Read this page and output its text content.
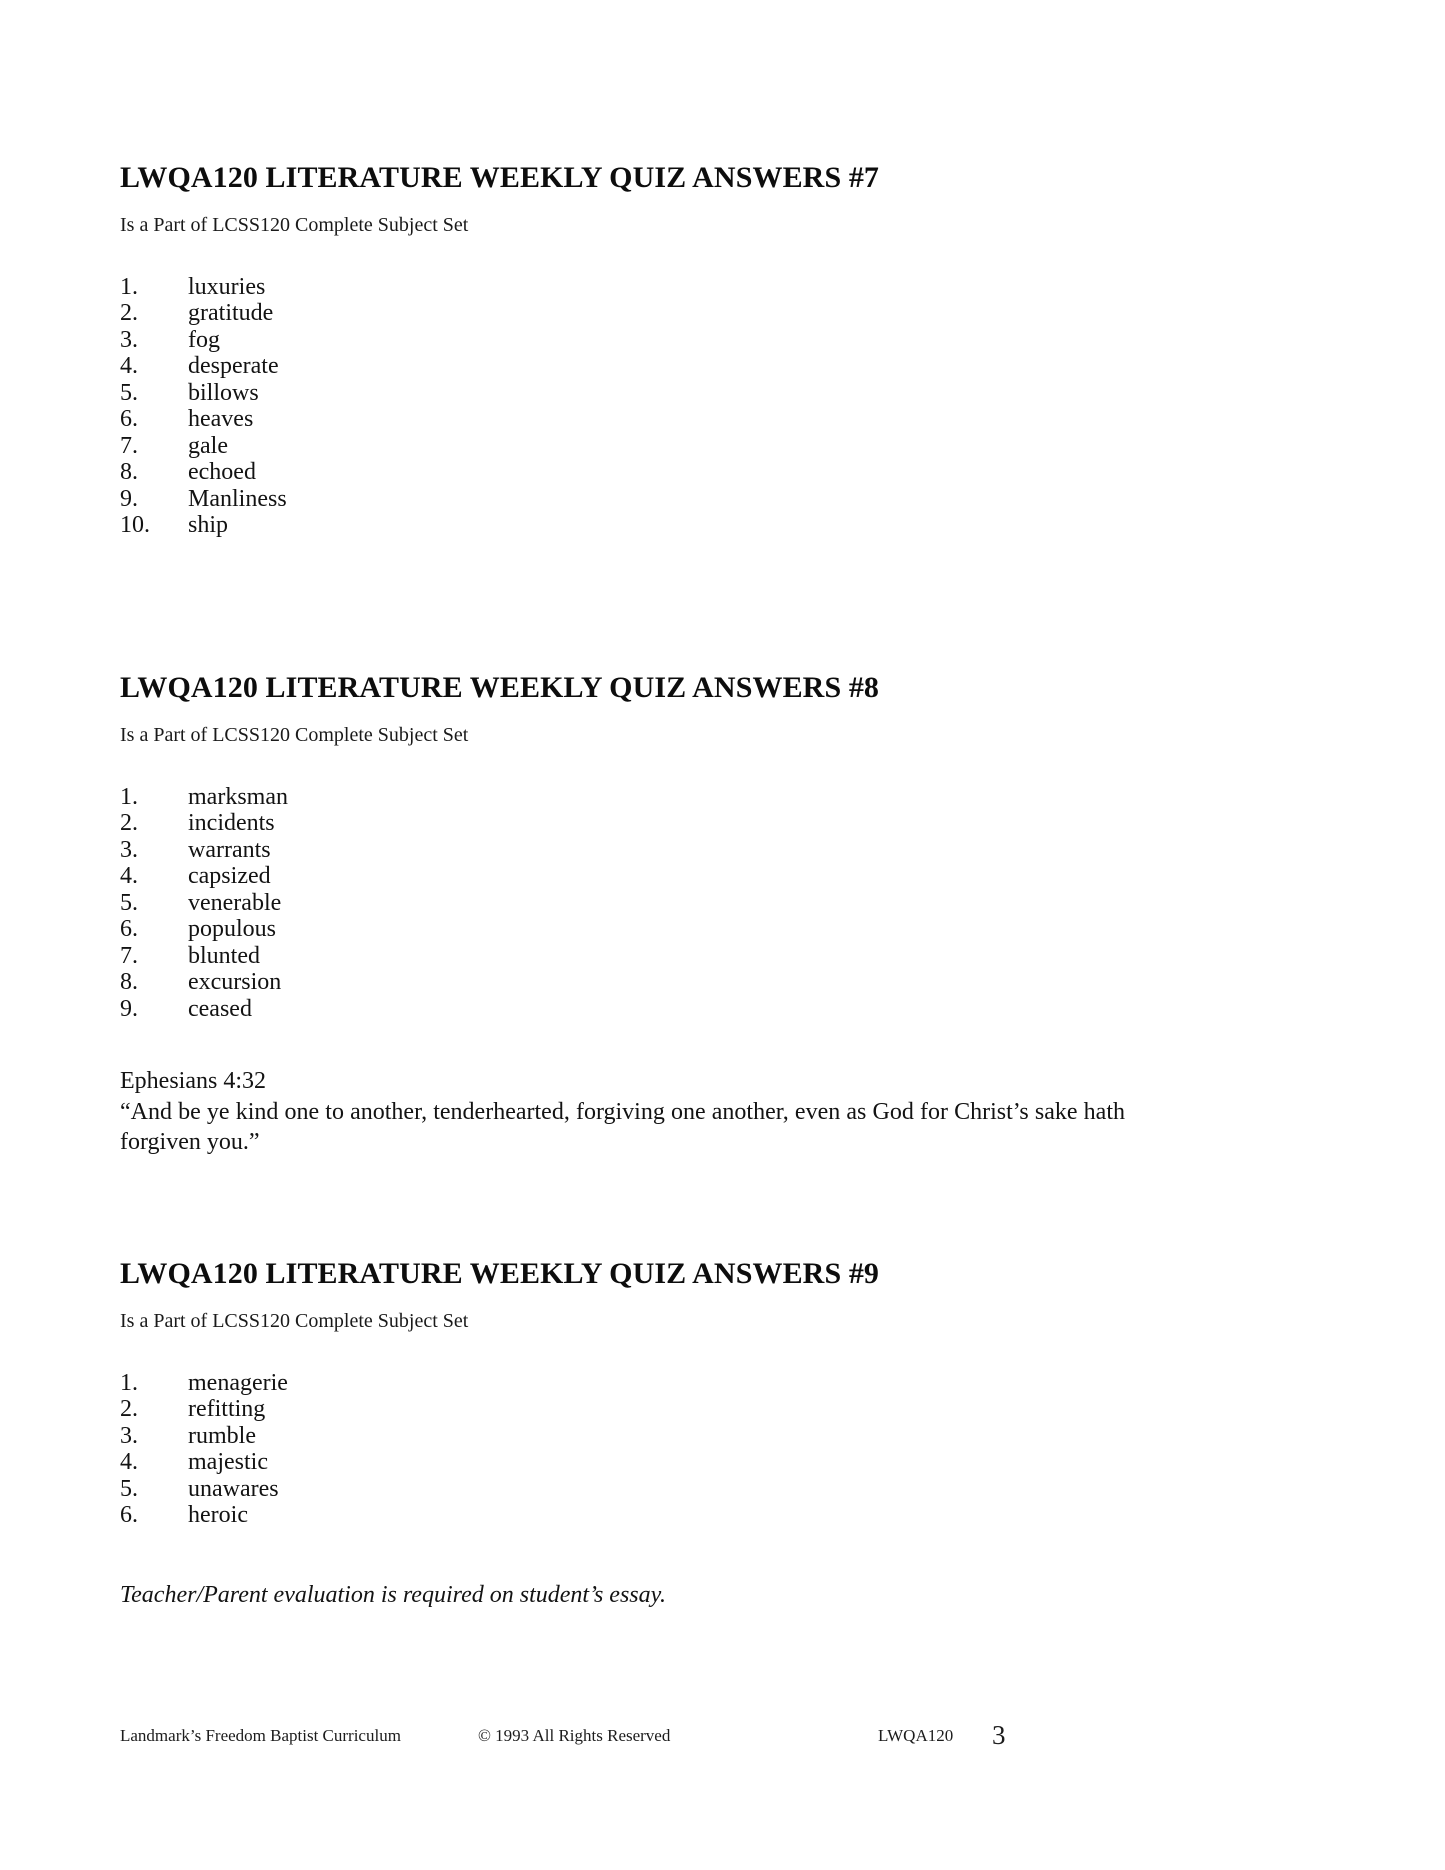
LWQA120 LITERATURE WEEKLY QUIZ ANSWERS #7

Is a Part of LCSS120 Complete Subject Set

1.	luxuries
2.	gratitude
3.	fog
4.	desperate
5.	billows
6.	heaves
7.	gale
8.	echoed
9.	Manliness
10.	ship
LWQA120 LITERATURE WEEKLY QUIZ ANSWERS #8

Is a Part of LCSS120 Complete Subject Set

1.	marksman
2.	incidents
3.	warrants
4.	capsized
5.	venerable
6.	populous
7.	blunted
8.	excursion
9.	ceased

Ephesians 4:32

“And be ye kind one to another, tenderhearted, forgiving one another, even as God for Christ’s sake hath forgiven you.”

LWQA120 LITERATURE WEEKLY QUIZ ANSWERS #9

Is a Part of LCSS120 Complete Subject Set

1.	menagerie
2.	refitting
3.	rumble
4.	majestic
5.	unawares
6.	heroic

Teacher/Parent evaluation is required on student’s essay.

Landmark’s Freedom Baptist Curriculum	© 1993 All Rights Reserved	LWQA120 3
